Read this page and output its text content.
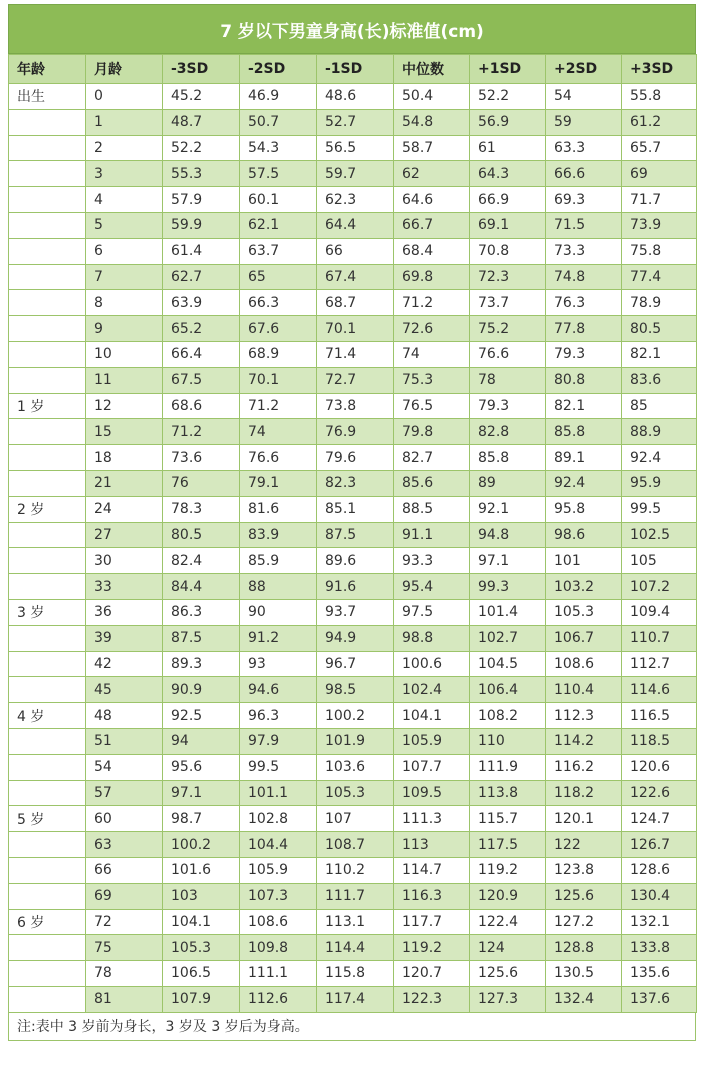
7 岁以下男童身高(长)标准值(cm)
年龄	月龄	-3SD	-2SD	-1SD	中位数	+1SD	+2SD	+3SD
出生	0	45.2	46.9	48.6	50.4	52.2	54	55.8
	1	48.7	50.7	52.7	54.8	56.9	59	61.2
	2	52.2	54.3	56.5	58.7	61	63.3	65.7
	3	55.3	57.5	59.7	62	64.3	66.6	69
	4	57.9	60.1	62.3	64.6	66.9	69.3	71.7
	5	59.9	62.1	64.4	66.7	69.1	71.5	73.9
	6	61.4	63.7	66	68.4	70.8	73.3	75.8
	7	62.7	65	67.4	69.8	72.3	74.8	77.4
	8	63.9	66.3	68.7	71.2	73.7	76.3	78.9
	9	65.2	67.6	70.1	72.6	75.2	77.8	80.5
	10	66.4	68.9	71.4	74	76.6	79.3	82.1
	11	67.5	70.1	72.7	75.3	78	80.8	83.6
1 岁	12	68.6	71.2	73.8	76.5	79.3	82.1	85
	15	71.2	74	76.9	79.8	82.8	85.8	88.9
	18	73.6	76.6	79.6	82.7	85.8	89.1	92.4
	21	76	79.1	82.3	85.6	89	92.4	95.9
2 岁	24	78.3	81.6	85.1	88.5	92.1	95.8	99.5
	27	80.5	83.9	87.5	91.1	94.8	98.6	102.5
	30	82.4	85.9	89.6	93.3	97.1	101	105
	33	84.4	88	91.6	95.4	99.3	103.2	107.2
3 岁	36	86.3	90	93.7	97.5	101.4	105.3	109.4
	39	87.5	91.2	94.9	98.8	102.7	106.7	110.7
	42	89.3	93	96.7	100.6	104.5	108.6	112.7
	45	90.9	94.6	98.5	102.4	106.4	110.4	114.6
4 岁	48	92.5	96.3	100.2	104.1	108.2	112.3	116.5
	51	94	97.9	101.9	105.9	110	114.2	118.5
	54	95.6	99.5	103.6	107.7	111.9	116.2	120.6
	57	97.1	101.1	105.3	109.5	113.8	118.2	122.6
5 岁	60	98.7	102.8	107	111.3	115.7	120.1	124.7
	63	100.2	104.4	108.7	113	117.5	122	126.7
	66	101.6	105.9	110.2	114.7	119.2	123.8	128.6
	69	103	107.3	111.7	116.3	120.9	125.6	130.4
6 岁	72	104.1	108.6	113.1	117.7	122.4	127.2	132.1
	75	105.3	109.8	114.4	119.2	124	128.8	133.8
	78	106.5	111.1	115.8	120.7	125.6	130.5	135.6
	81	107.9	112.6	117.4	122.3	127.3	132.4	137.6
注:表中 3 岁前为身长，3 岁及 3 岁后为身高。
